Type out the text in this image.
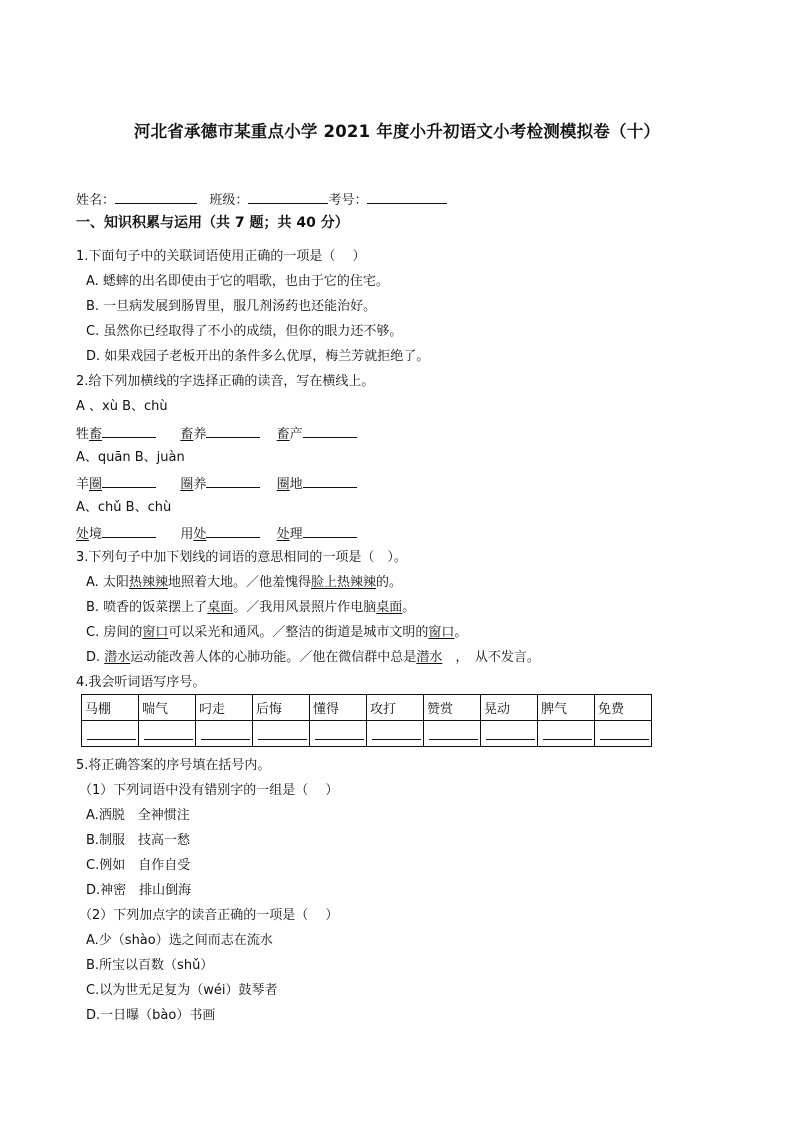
河北省承德市某重点小学 2021 年度小升初语文小考检测模拟卷（十）
姓名：	班级：	考号：
一、知识积累与运用（共 7 题；共 40 分）
1.下面句子中的关联词语使用正确的一项是（　 ）
A. 蟋蟀的出名即使由于它的唱歌，也由于它的住宅。
B. 一旦病发展到肠胃里，服几剂汤药也还能治好。
C. 虽然你已经取得了不小的成绩，但你的眼力还不够。
D. 如果戏园子老板开出的条件多么优厚，梅兰芳就拒绝了。
2.给下列加横线的字选择正确的读音，写在横线上。
A 、xù B、chù
牲畜	畜养	畜产
A、quān B、juàn
羊圈	圈养	圈地
A、chǔ B、chù
处境	用处	处理
3.下列句子中加下划线的词语的意思相同的一项是（　）。
A. 太阳热辣辣地照着大地。／他羞愧得脸上热辣辣的。
B. 喷香的饭菜摆上了桌面。／我用风景照片作电脑桌面。
C. 房间的窗口可以采光和通风。／整洁的街道是城市文明的窗口。
D. 潜水运动能改善人体的心肺功能。／他在微信群中总是潜水　，　从不发言。
4.我会听词语写序号。
马棚	喘气	叼走	后悔	懂得	攻打	赞赏	晃动	脾气	免费

5.将正确答案的序号填在括号内。
（1）下列词语中没有错别字的一组是（　 ）
A.洒脱　全神惯注
B.制服　技高一愁
C.例如　自作自受
D.神密　排山倒海
（2）下列加点字的读音正确的一项是（　 ）
A.少（shào）选之间而志在流水
B.所宝以百数（shǔ）
C.以为世无足复为（wéi）鼓琴者
D.一日曝（bào）书画
